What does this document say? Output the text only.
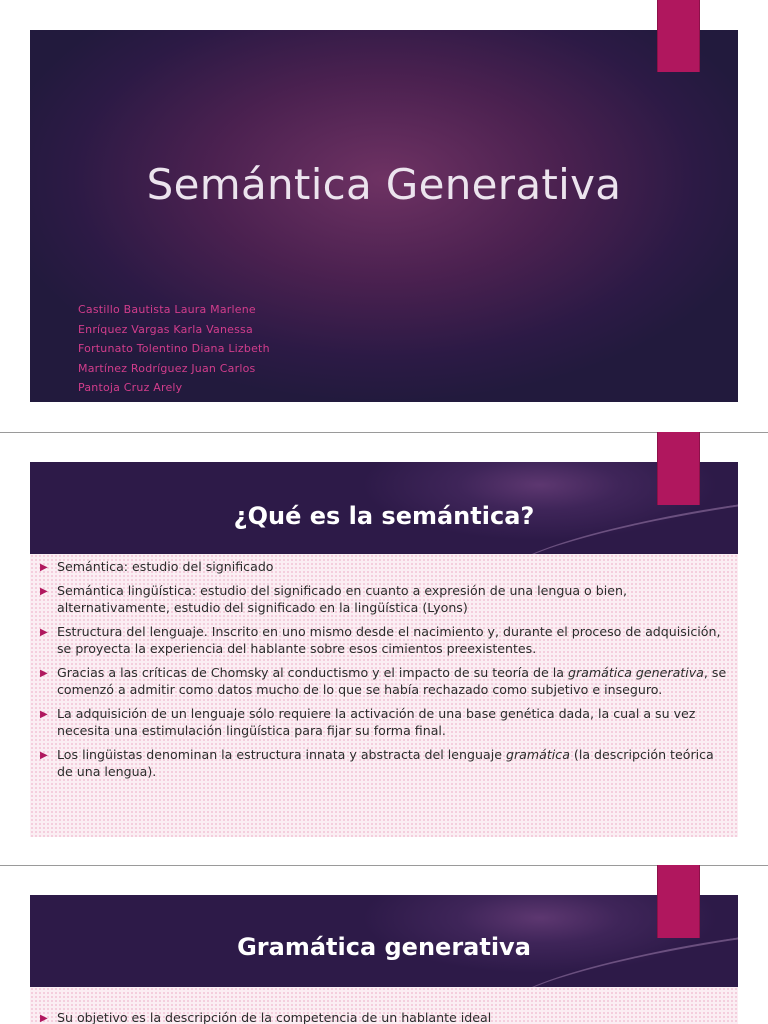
Semántica Generativa
Castillo Bautista Laura Marlene
Enríquez Vargas Karla Vanessa
Fortunato Tolentino Diana Lizbeth
Martínez Rodríguez Juan Carlos
Pantoja Cruz Arely
¿Qué es la semántica?
▶ Semántica: estudio del significado
▶ Semántica lingüística: estudio del significado en cuanto a expresión de una lengua o bien, alternativamente, estudio del significado en la lingüística (Lyons)
▶ Estructura del lenguaje. Inscrito en uno mismo desde el nacimiento y, durante el proceso de adquisición, se proyecta la experiencia del hablante sobre esos cimientos preexistentes.
▶ Gracias a las críticas de Chomsky al conductismo y el impacto de su teoría de la gramática generativa, se comenzó a admitir como datos mucho de lo que se había rechazado como subjetivo e inseguro.
▶ La adquisición de un lenguaje sólo requiere la activación de una base genética dada, la cual a su vez necesita una estimulación lingüística para fijar su forma final.
▶ Los lingüistas denominan la estructura innata y abstracta del lenguaje gramática (la descripción teórica de una lengua).
Gramática generativa
▶ Su objetivo es la descripción de la competencia de un hablante ideal
